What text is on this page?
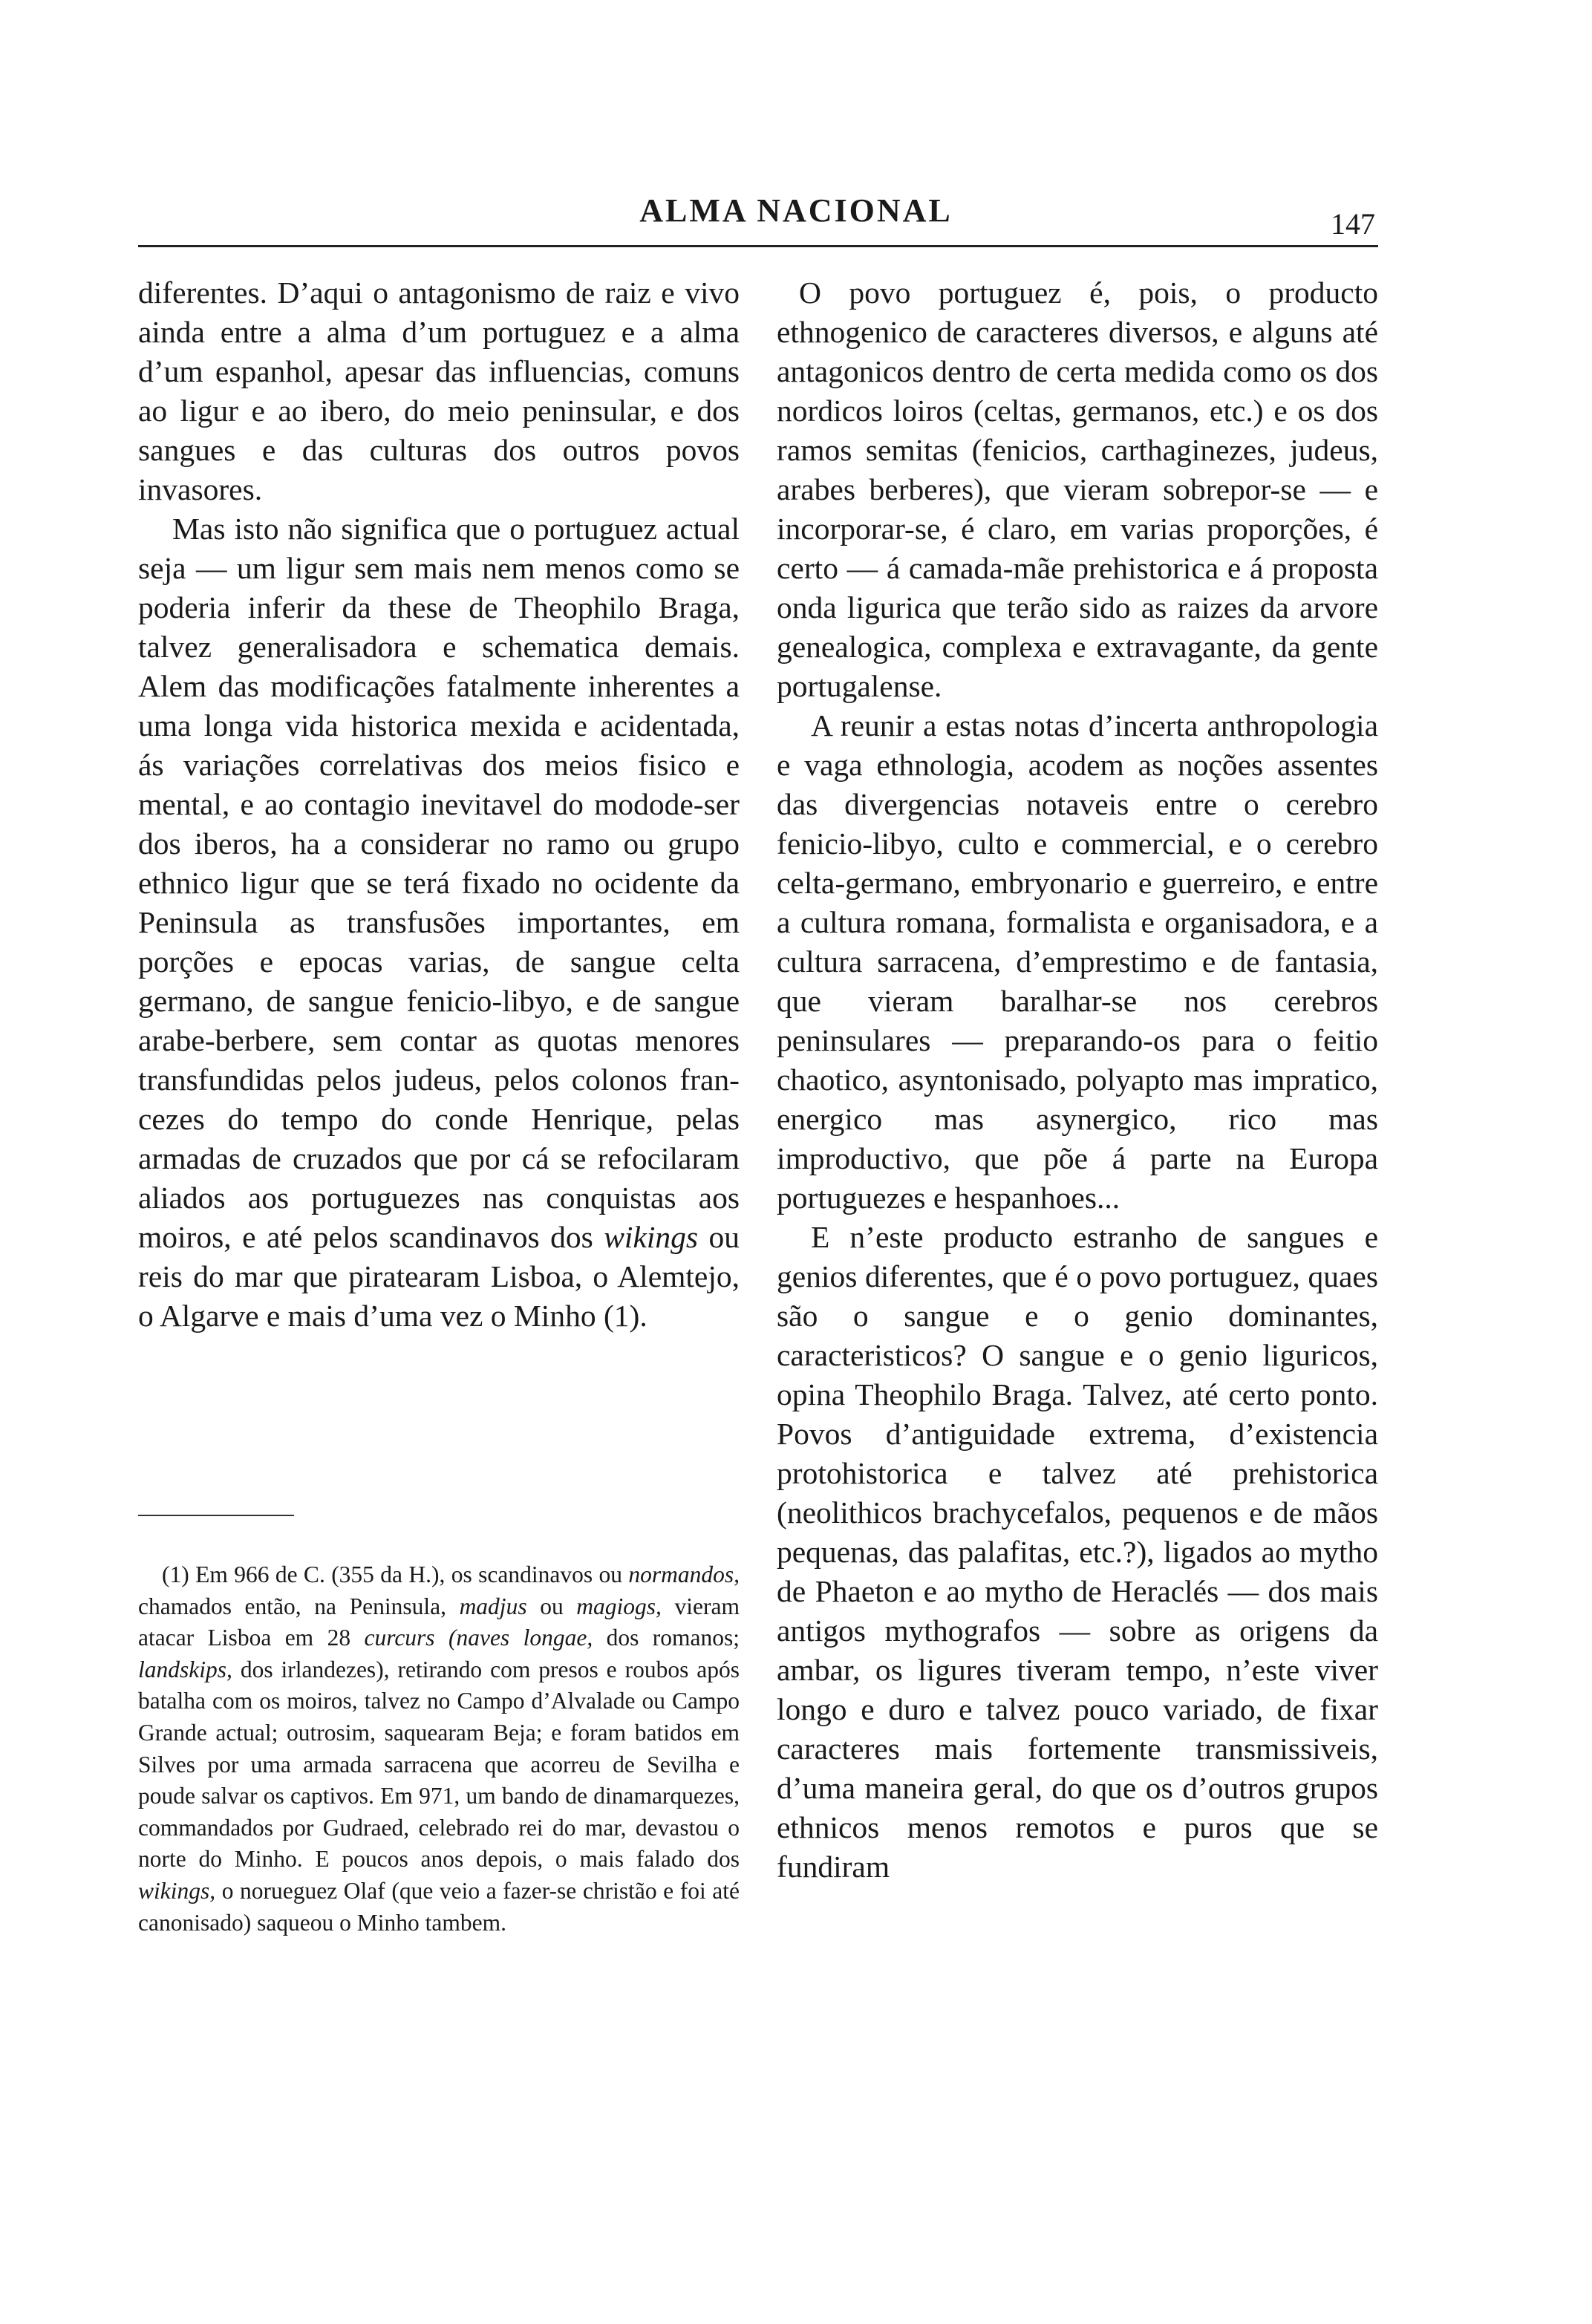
ALMA NACIONAL	147

diferentes. D’aqui o antagonismo de raiz e vivo ainda entre a alma d’um portuguez e a alma d’um espanhol, apesar das influencias, comuns ao ligur e ao ibero, do meio peninsular, e dos sangues e das culturas dos outros povos invasores.

Mas isto não significa que o portuguez actual seja — um ligur sem mais nem menos como se poderia inferir da these de Theophilo Braga, talvez generalisadora e schematica demais. Alem das modificações fatalmente inherentes a uma longa vida historica mexida e acidentada, ás variações correlativas dos meios fisico e mental, e ao contagio inevitavel do modode-ser dos iberos, ha a considerar no ramo ou grupo ethnico ligur que se terá fixado no ocidente da Peninsula as transfusões importantes, em porções e epocas varias, de sangue celta germano, de sangue fenicio-libyo, e de sangue arabe-berbere, sem contar as quotas menores transfundidas pelos judeus, pelos colonos francezes do tempo do conde Henrique, pelas armadas de cruzados que por cá se refocilaram aliados aos portuguezes nas conquistas aos moiros, e até pelos scandinavos dos wikings ou reis do mar que piratearam Lisboa, o Alemtejo, o Algarve e mais d’uma vez o Minho (1).

(1) Em 966 de C. (355 da H.), os scandinavos ou normandos, chamados então, na Peninsula, madjus ou magiogs, vieram atacar Lisboa em 28 curcurs (naves longae, dos romanos; landskips, dos irlandezes), retirando com presos e roubos após batalha com os moiros, talvez no Campo d’Alvalade ou Campo Grande actual; outrosim, saquearam Beja; e foram batidos em Silves por uma armada sarracena que acorreu de Sevilha e poude salvar os captivos. Em 971, um bando de dinamarquezes, commandados por Gudraed, celebrado rei do mar, devastou o norte do Minho. E poucos anos depois, o mais falado dos wikings, o norueguez Olaf (que veio a fazer-se christão e foi até canonisado) saqueou o Minho tambem.

O povo portuguez é, pois, o producto ethnogenico de caracteres diversos, e alguns até antagonicos dentro de certa medida como os dos nordicos loiros (celtas, germanos, etc.) e os dos ramos semitas (fenicios, carthaginezes, judeus, arabes berberes), que vieram sobrepor-se — e incorporar-se, é claro, em varias proporções, é certo — á camada-mãe prehistorica e á proposta onda ligurica que terão sido as raizes da arvore genealogica, complexa e extravagante, da gente portugalense.

A reunir a estas notas d’incerta anthropologia e vaga ethnologia, acodem as noções assentes das divergencias notaveis entre o cerebro fenicio-libyo, culto e commercial, e o cerebro celta-germano, embryonario e guerreiro, e entre a cultura romana, formalista e organisadora, e a cultura sarracena, d’emprestimo e de fantasia, que vieram baralhar-se nos cerebros peninsulares — preparando-os para o feitio chaotico, asyntonisado, polyapto mas impratico, energico mas asynergico, rico mas improductivo, que põe á parte na Europa portuguezes e hespanhoes...

E n’este producto estranho de sangues e genios diferentes, que é o povo portuguez, quaes são o sangue e o genio dominantes, caracteristicos? O sangue e o genio liguricos, opina Theophilo Braga. Talvez, até certo ponto. Povos d’antiguidade extrema, d’existencia protohistorica e talvez até prehistorica (neolithicos brachycefalos, pequenos e de mãos pequenas, das palafitas, etc.?), ligados ao mytho de Phaeton e ao mytho de Heraclés — dos mais antigos mythografos — sobre as origens da ambar, os ligures tiveram tempo, n’este viver longo e duro e talvez pouco variado, de fixar caracteres mais fortemente transmissiveis, d’uma maneira geral, do que os d’outros grupos ethnicos menos remotos e puros que se fundiram
